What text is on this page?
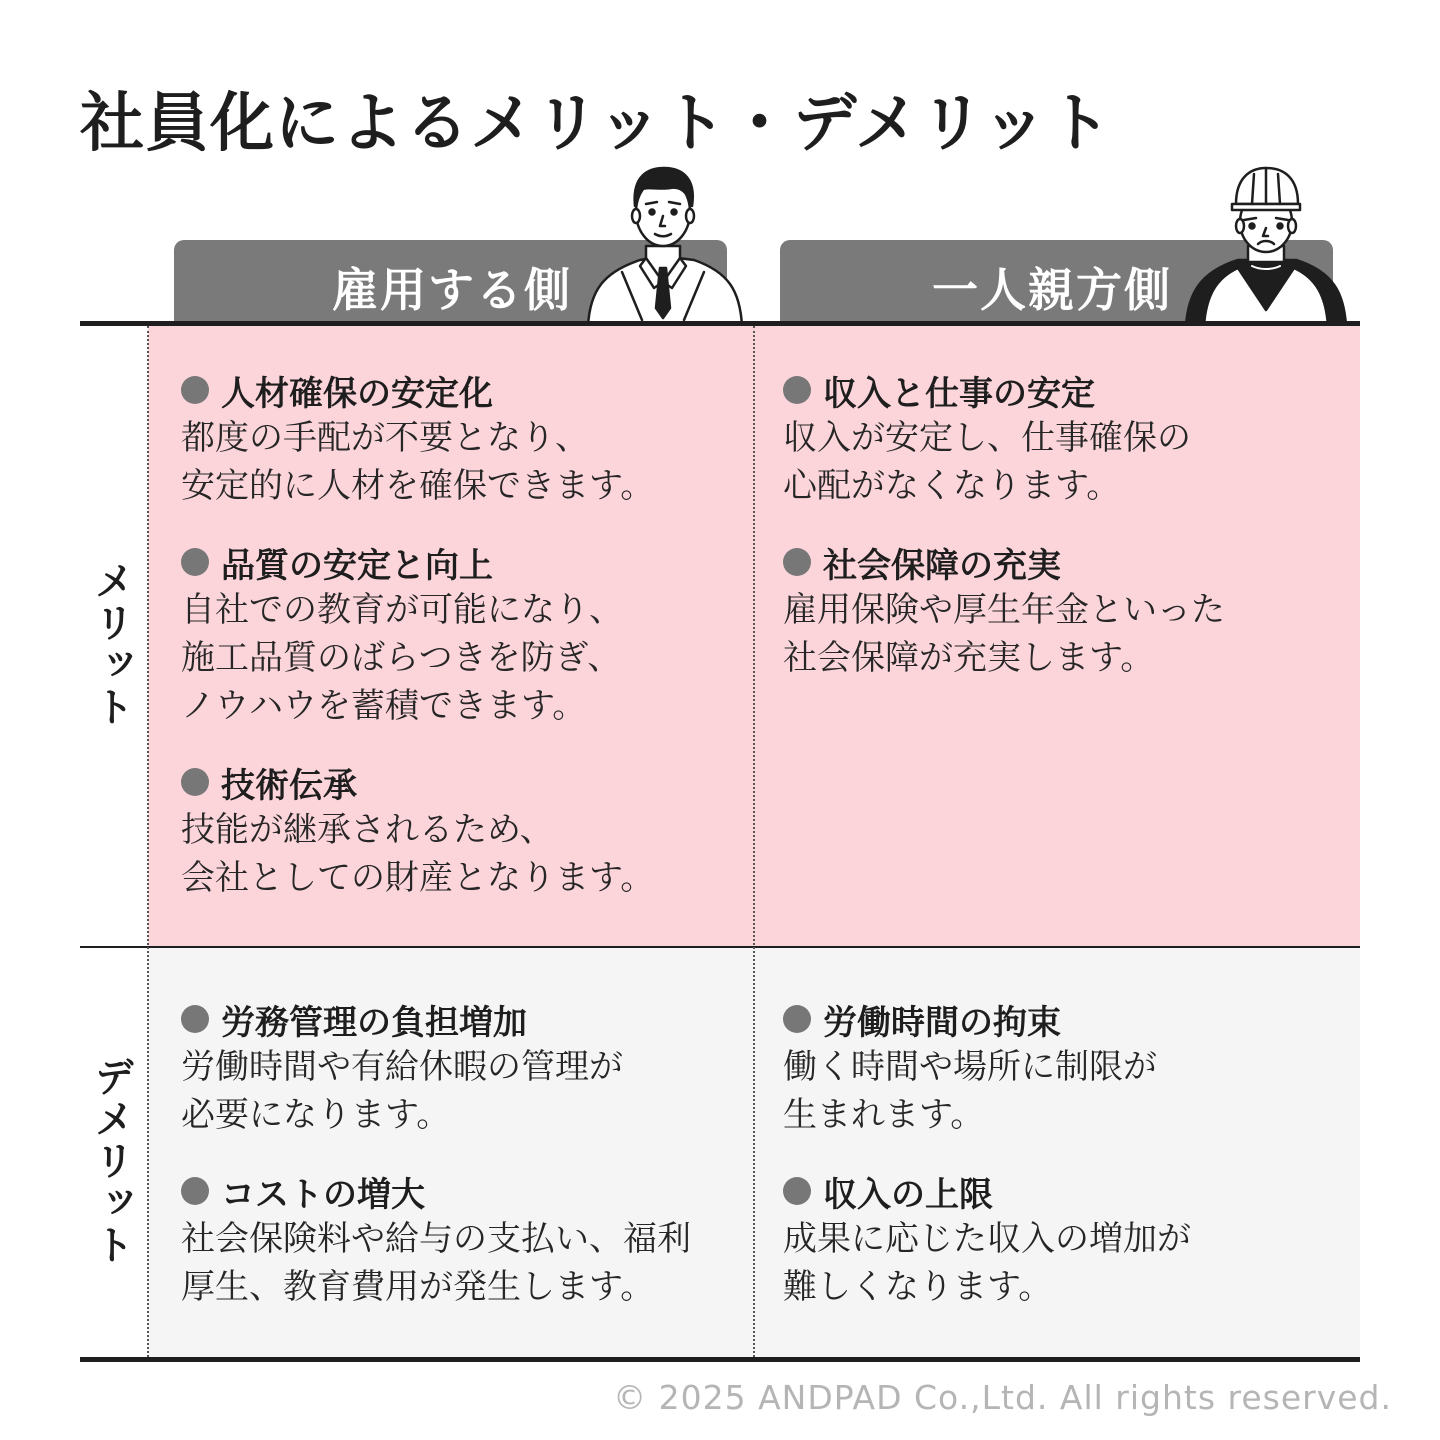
社員化によるメリット・デメリット
雇用する側	一人親方側
メリット
デメリット
人材確保の安定化
都度の手配が不要となり、
安定的に人材を確保できます。
品質の安定と向上
自社での教育が可能になり、
施工品質のばらつきを防ぎ、
ノウハウを蓄積できます。
技術伝承
技能が継承されるため、
会社としての財産となります。
収入と仕事の安定
収入が安定し、仕事確保の
心配がなくなります。
社会保障の充実
雇用保険や厚生年金といった
社会保障が充実します。
労務管理の負担増加
労働時間や有給休暇の管理が
必要になります。
コストの増大
社会保険料や給与の支払い、福利
厚生、教育費用が発生します。
労働時間の拘束
働く時間や場所に制限が
生まれます。
収入の上限
成果に応じた収入の増加が
難しくなります。
© 2025 ANDPAD Co.,Ltd. All rights reserved.
